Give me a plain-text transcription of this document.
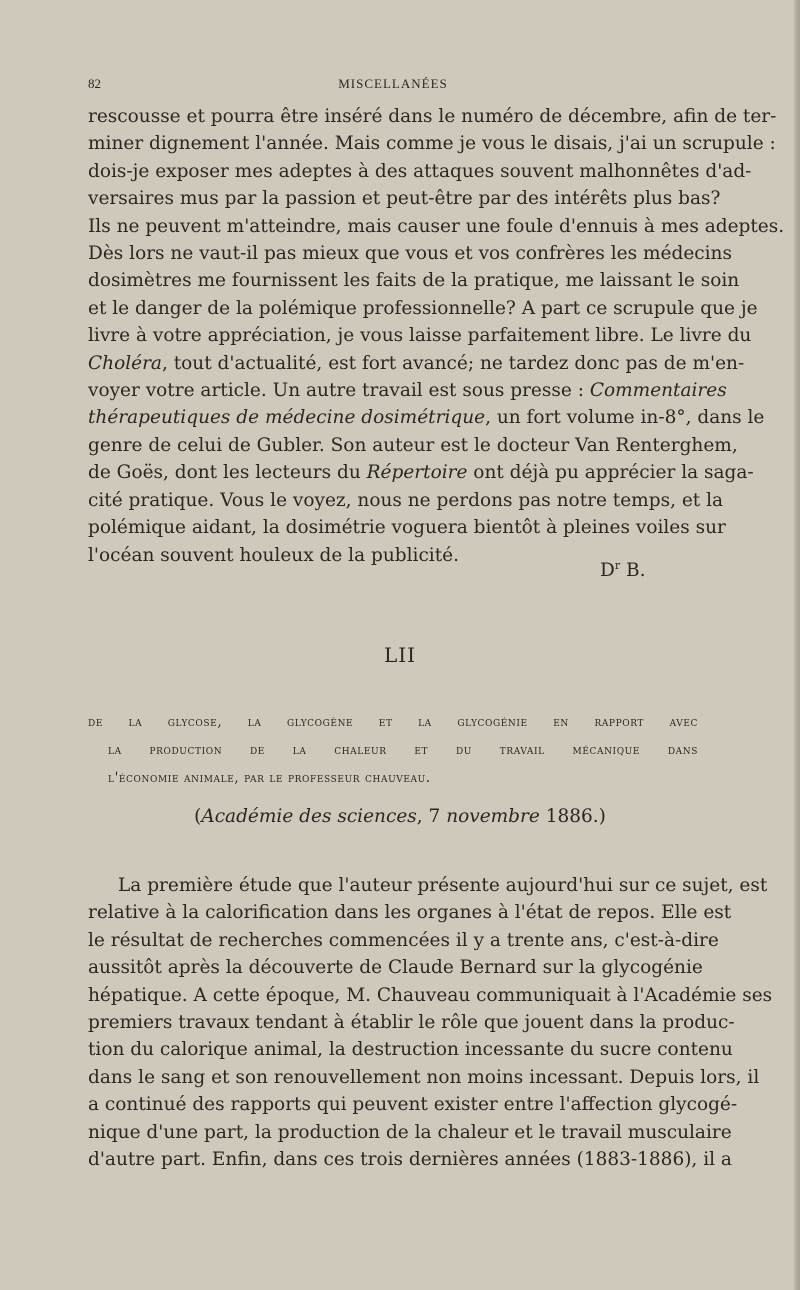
82	MISCELLANÉES
rescousse et pourra être inséré dans le numéro de décembre, afin de ter-
miner dignement l'année. Mais comme je vous le disais, j'ai un scrupule :
dois-je exposer mes adeptes à des attaques souvent malhonnêtes d'ad-
versaires mus par la passion et peut-être par des intérêts plus bas?
Ils ne peuvent m'atteindre, mais causer une foule d'ennuis à mes adeptes.
Dès lors ne vaut-il pas mieux que vous et vos confrères les médecins
dosimètres me fournissent les faits de la pratique, me laissant le soin
et le danger de la polémique professionnelle? A part ce scrupule que je
livre à votre appréciation, je vous laisse parfaitement libre. Le livre du
Choléra, tout d'actualité, est fort avancé; ne tardez donc pas de m'en-
voyer votre article. Un autre travail est sous presse : Commentaires
thérapeutiques de médecine dosimétrique, un fort volume in-8°, dans le
genre de celui de Gubler. Son auteur est le docteur Van Renterghem,
de Goës, dont les lecteurs du Répertoire ont déjà pu apprécier la saga-
cité pratique. Vous le voyez, nous ne perdons pas notre temps, et la
polémique aidant, la dosimétrie voguera bientôt à pleines voiles sur
l'océan souvent houleux de la publicité.
$D^r$ B.
LII
de la glycose, la glycogène et la glycogénie en rapport avec
la production de la chaleur et du travail mécanique dans
l'économie animale, par le professeur chauveau.
(Académie des sciences, 7 novembre 1886.)
La première étude que l'auteur présente aujourd'hui sur ce sujet, est
relative à la calorification dans les organes à l'état de repos. Elle est
le résultat de recherches commencées il y a trente ans, c'est-à-dire
aussitôt après la découverte de Claude Bernard sur la glycogénie
hépatique. A cette époque, M. Chauveau communiquait à l'Académie ses
premiers travaux tendant à établir le rôle que jouent dans la produc-
tion du calorique animal, la destruction incessante du sucre contenu
dans le sang et son renouvellement non moins incessant. Depuis lors, il
a continué des rapports qui peuvent exister entre l'affection glycogé-
nique d'une part, la production de la chaleur et le travail musculaire
d'autre part. Enfin, dans ces trois dernières années (1883-1886), il a
